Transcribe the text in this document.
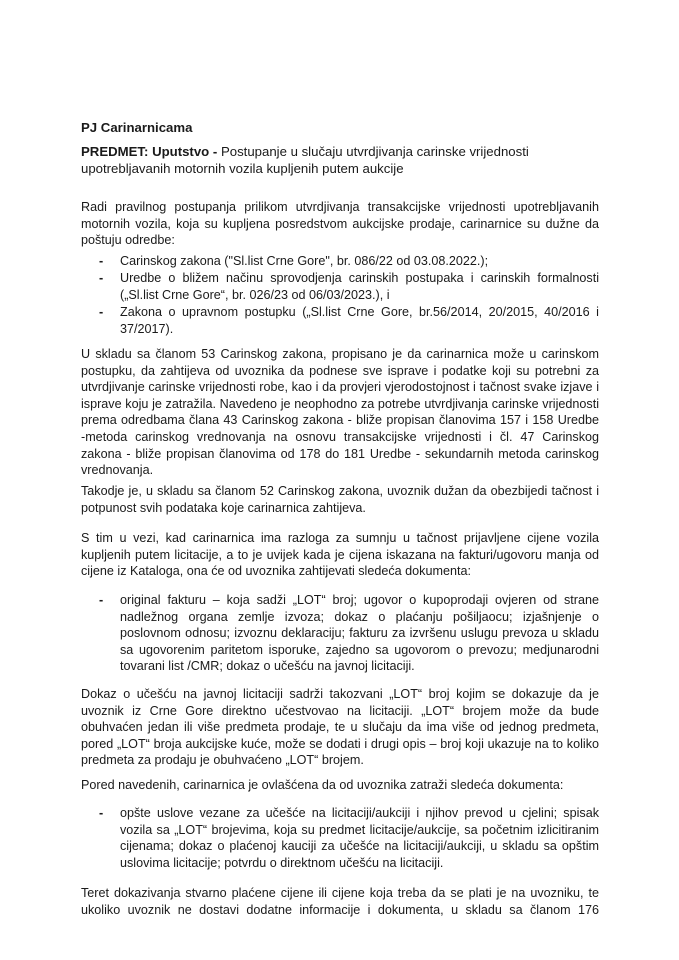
PJ Carinarnicama
PREDMET: Uputstvo - Postupanje u slučaju utvrdjivanja carinske vrijednosti
upotrebljavanih motornih vozila kupljenih putem aukcije
Radi pravilnog postupanja prilikom utvrdjivanja transakcijske vrijednosti upotrebljavanih
motornih vozila, koja su kupljena posredstvom aukcijske prodaje, carinarnice su dužne da
poštuju odredbe:
- Carinskog zakona ("Sl.list Crne Gore", br. 086/22 od 03.08.2022.);
- Uredbe o bližem načinu sprovodjenja carinskih postupaka i carinskih formalnosti
(„Sl.list Crne Gore“, br. 026/23 od 06/03/2023.), i
- Zakona o upravnom postupku („Sl.list Crne Gore, br.56/2014, 20/2015, 40/2016 i
37/2017).
U skladu sa članom 53 Carinskog zakona, propisano je da carinarnica može u carinskom
postupku, da zahtijeva od uvoznika da podnese sve isprave i podatke koji su potrebni za
utvrdjivanje carinske vrijednosti robe, kao i da provjeri vjerodostojnost i tačnost svake izjave i
isprave koju je zatražila. Navedeno je neophodno za potrebe utvrdjivanja carinske vrijednosti
prema odredbama člana 43 Carinskog zakona - bliže propisan članovima 157 i 158 Uredbe
-metoda carinskog vrednovanja na osnovu transakcijske vrijednosti i čl. 47 Carinskog
zakona - bliže propisan članovima od 178 do 181 Uredbe - sekundarnih metoda carinskog
vrednovanja.
Takodje je, u skladu sa članom 52 Carinskog zakona, uvoznik dužan da obezbijedi tačnost i
potpunost svih podataka koje carinarnica zahtijeva.
S tim u vezi, kad carinarnica ima razloga za sumnju u tačnost prijavljene cijene vozila
kupljenih putem licitacije, a to je uvijek kada je cijena iskazana na fakturi/ugovoru manja od
cijene iz Kataloga, ona će od uvoznika zahtijevati sledeća dokumenta:
- original fakturu – koja sadži „LOT“ broj; ugovor o kupoprodaji ovjeren od strane
nadležnog organa zemlje izvoza; dokaz o plaćanju pošiljaocu; izjašnjenje o
poslovnom odnosu; izvoznu deklaraciju; fakturu za izvršenu uslugu prevoza u skladu
sa ugovorenim paritetom isporuke, zajedno sa ugovorom o prevozu; medjunarodni
tovarani list /CMR; dokaz o učešću na javnoj licitaciji.
Dokaz o učešću na javnoj licitaciji sadrži takozvani „LOT“ broj kojim se dokazuje da je
uvoznik iz Crne Gore direktno učestvovao na licitaciji. „LOT“ brojem može da bude
obuhvaćen jedan ili više predmeta prodaje, te u slučaju da ima više od jednog predmeta,
pored „LOT“ broja aukcijske kuće, može se dodati i drugi opis – broj koji ukazuje na to koliko
predmeta za prodaju je obuhvaćeno „LOT“ brojem.
Pored navedenih, carinarnica je ovlašćena da od uvoznika zatraži sledeća dokumenta:
- opšte uslove vezane za učešće na licitaciji/aukciji i njihov prevod u cjelini; spisak
vozila sa „LOT“ brojevima, koja su predmet licitacije/aukcije, sa početnim izlicitiranim
cijenama; dokaz o plaćenoj kauciji za učešće na licitaciji/aukciji, u skladu sa opštim
uslovima licitacije; potvrdu o direktnom učešću na licitaciji.
Teret dokazivanja stvarno plaćene cijene ili cijene koja treba da se plati je na uvozniku, te
ukoliko uvoznik ne dostavi dodatne informacije i dokumenta, u skladu sa članom 176
